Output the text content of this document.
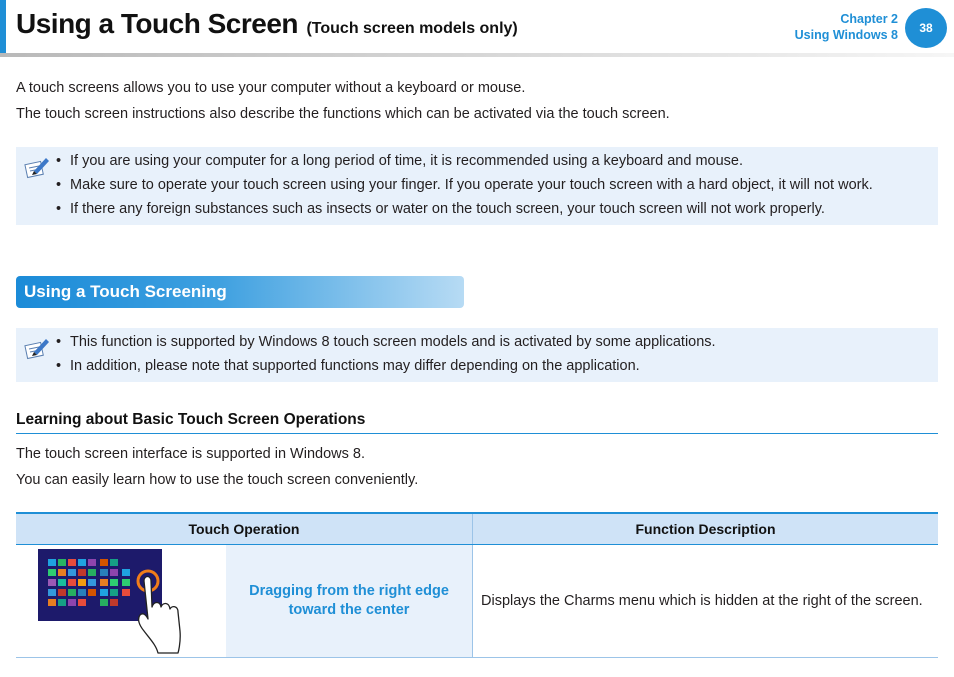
Using a Touch Screen (Touch screen models only)
Chapter 2
Using Windows 8	38
A touch screens allows you to use your computer without a keyboard or mouse.
The touch screen instructions also describe the functions which can be activated via the touch screen.
• If you are using your computer for a long period of time, it is recommended using a keyboard and mouse.
• Make sure to operate your touch screen using your finger. If you operate your touch screen with a hard object, it will not work.
• If there any foreign substances such as insects or water on the touch screen, your touch screen will not work properly.
Using a Touch Screening
• This function is supported by Windows 8 touch screen models and is activated by some applications.
• In addition, please note that supported functions may differ depending on the application.
Learning about Basic Touch Screen Operations
The touch screen interface is supported in Windows 8.
You can easily learn how to use the touch screen conveniently.
Touch Operation		Function Description

Dragging from the right edge
toward the center	Displays the Charms menu which is hidden at the right of the screen.
